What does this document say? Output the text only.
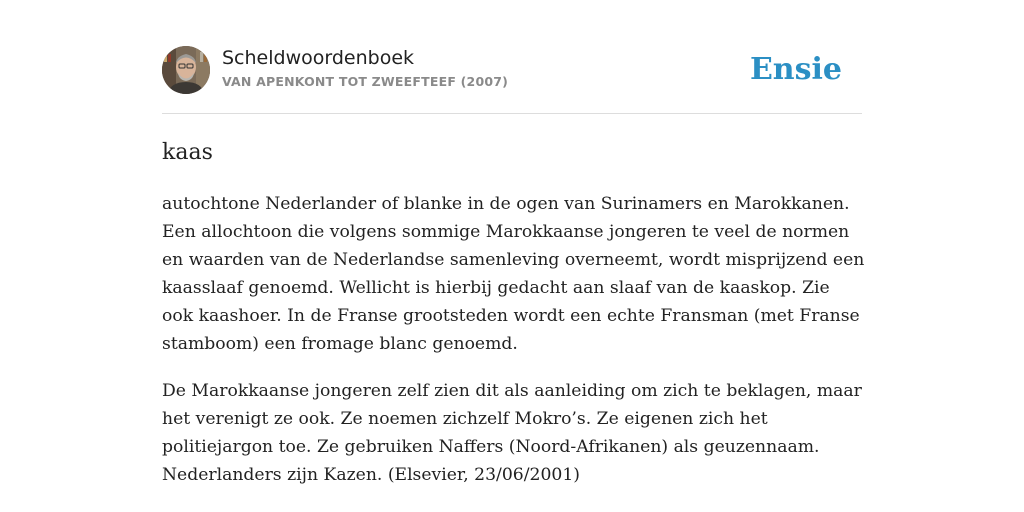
Scheldwoordenboek
VAN APENKONT TOT ZWEEFTEEF (2007)	Ensie
kaas

autochtone Nederlander of blanke in de ogen van Surinamers en Marokkanen. Een allochtoon die volgens sommige Marokkaanse jongeren te veel de normen en waarden van de Nederlandse samenleving overneemt, wordt misprijzend een kaasslaaf genoemd. Wellicht is hierbij gedacht aan slaaf van de kaaskop. Zie ook kaashoer. In de Franse grootsteden wordt een echte Fransman (met Franse stamboom) een fromage blanc genoemd.

De Marokkaanse jongeren zelf zien dit als aanleiding om zich te beklagen, maar het verenigt ze ook. Ze noemen zichzelf Mokro’s. Ze eigenen zich het politiejargon toe. Ze gebruiken Naffers (Noord-Afrikanen) als geuzennaam. Nederlanders zijn Kazen. (Elsevier, 23/06/2001)
